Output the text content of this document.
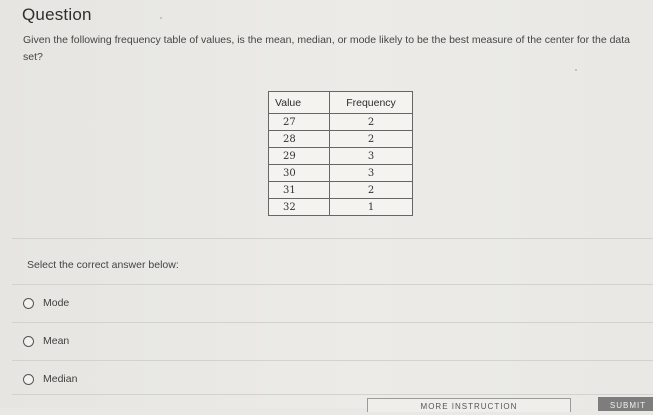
Question
Given the following frequency table of values, is the mean, median, or mode likely to be the best measure of the center for the data set?
Value	Frequency
27	2
28	2
29	3
30	3
31	2
32	1
Select the correct answer below:
Mode
Mean
Median
MORE INSTRUCTION	SUBMIT
